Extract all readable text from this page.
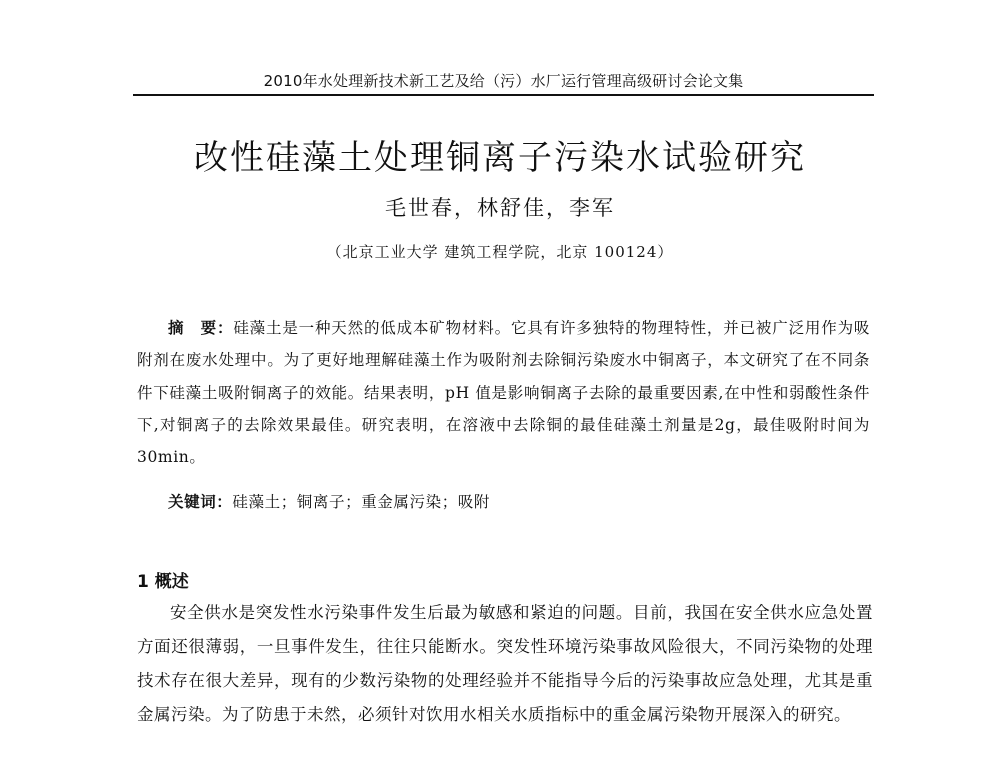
2010年水处理新技术新工艺及给（污）水厂运行管理高级研讨会论文集
改性硅藻土处理铜离子污染水试验研究
毛世春，林舒佳，李军
（北京工业大学 建筑工程学院，北京 100124）
摘　要：硅藻土是一种天然的低成本矿物材料。它具有许多独特的物理特性，并已被广泛用作为吸附剂在废水处理中。为了更好地理解硅藻土作为吸附剂去除铜污染废水中铜离子，本文研究了在不同条件下硅藻土吸附铜离子的效能。结果表明，pH 值是影响铜离子去除的最重要因素,在中性和弱酸性条件下,对铜离子的去除效果最佳。研究表明，在溶液中去除铜的最佳硅藻土剂量是2g，最佳吸附时间为30min。
关键词：硅藻土；铜离子；重金属污染；吸附
1 概述
安全供水是突发性水污染事件发生后最为敏感和紧迫的问题。目前，我国在安全供水应急处置方面还很薄弱，一旦事件发生，往往只能断水。突发性环境污染事故风险很大，不同污染物的处理技术存在很大差异，现有的少数污染物的处理经验并不能指导今后的污染事故应急处理，尤其是重金属污染。为了防患于未然，必须针对饮用水相关水质指标中的重金属污染物开展深入的研究。
